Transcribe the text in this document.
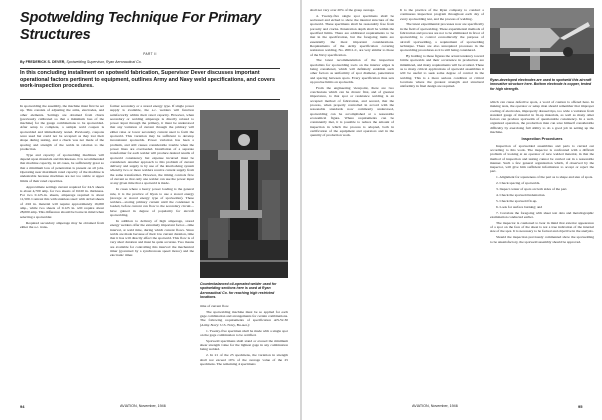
Spotwelding Technique For Primary Structures
PART II
By FREDERICK S. DEVER, Spotwelding Supervisor, Ryan Aeronautical Co.
In this concluding installment on spotweld fabrication, Supervisor Dever discusses important operational factors pertinent to equipment, outlines Army and Navy weld specifications, and covers work-inspection procedures.

In spotwelding the assembly, the machine must first be set up. This consists of adjusting the arms, electrodes, and other elements. Settings are obtained from charts (previously calibrated so that a minimum loss of the machine) for the gauge combinations to be spotwelded. After setup is complete, a sample weld coupon is spotwelded and immediately tested. Previously, coupons were used but could not be accepted as they lost their shape during testing, and a check was not made of the spacing and strength of the welds in relation to the production.

Type and capacity of spotwelding machines will depend upon materials and thicknesses. It is recommended that machine capacity, in all cases, be sufficiently great so that a minimum loss of penetration is present on all jobs. Operating near maximum rated capacity of the machine is undesirable because machines are not too stable at upper limits of their rated capacities.

Approximate settings current required for 24-S sheets is about 4,700 amp. for two sheets of 0.020 in. thickness. For two 0.125-in. sheets, amperage required is about 11,500. Contrast this with stainless steel: with alclad sheets of .016 in. material will require approximately 16,000 amp., while two sheets of 0.125 in. will require about 28,000 amp. This difference should be borne in mind when selecting a spotwelder.

Required secondary amperage may be obtained from either the a.c. trans-

former secondary or a stored energy type. If single power supply is available, the a.c. welders will function satisfactorily within their rated capacity. However, when secondary or welding amperage is directly related to power input through the primary, it must be understood that any variation of current through the primary will either raise or lower secondary current used to form the spotweld. This variation may be sufficient to develop inconsistent spotwelds. Power variation has been a problem, and still causes considerable trouble when the power lines are overloaded. Installation of a separate transformer for each welder will produce desired results of spotweld consistency but expense incurred must be considered. Another approach to this problem of current delivery and supply is by use of the interlocking system whereby two or more welders receive current supply from the same transformer. However, the timing controls flow of current so that only one welder can use the power input at any given time that a spotweld is made.

In cases where a heavy power loading is the general rule, it is the practice of Ryan to use a stored energy (storage or stored energy type of spotwelder). These welders—storing primary current until the condenser is loaded, before current can flow to the secondary circuit—have gained in degree of popularity for aircraft spotwelding.

In addition to delivery of high amperage, stored energy welders offer the extremely important factor—time interval, at weld time, during which current flows. Since welds are made because of their low current duration, time that it has will directly affect the spotweld. This flow is of very short duration and must be quite accurate. Two means are available for controlling this interval: the mechanical timer (governed by a synchronous speed motor) and the electronic timer.

Counterbalanced oil-operated welder used for spotwelding sections here is used at Ryan Aeronautical Co. for reaching high restricted locations.

time of current flow.

The spotwelding machine must be so applied for each gage combination and arrangements for certain combinations. The following requirements of specification AN-W-30 (Army-Navy: U.S. Navy, Bu.Aer.):

1. Twenty-five specimen shall be made with a single spot on the gage combination to be certified.

Spotweld specimens shall stand or exceed the minimum shear strength value for the lightest gage in any combination being welded.

2. In 21 of the 25 specimens, the variation in strength shall not exceed 10% of the average value of the 25 specimens. The remaining 4 specimens

94	AVIATION, November, 1946

shall not vary over 20% of the group average.

4. Twenty-five single spot specimens shall be sectioned and etched to show the internal structure of the spotweld. These specimens shall be reasonably free from porosity and cracks. Penetration depth shall be within the specified limits. There are additional requirements to be met in the specification, but the foregoing items are essentially the most important considerations. Requirements of the Army specification covering resistance welding, No. 20011-C, are very similar to those of the Navy specification.

The latest recommendation of the inspection specialists for spotwelding tools on the interior edges is being considered, which will definitely establish such other factors as uniformity of spot diameter, penetration and spacing between spots. Every specification thus sets up precise limits on spotwelds.

From the engineering viewpoint, there are two conclusions which can be drawn: first, and of greatest importance, is that spot or resistance welding is an accepted method of fabrication, and second, that the process, when properly controlled in accord with the reasonable standards now commonly understood, spotwelding can be accomplished at a reasonable economical figure. Where requirements can be consistently met, it is possible to reduce the amount of inspection in which the process is adopted, both in certification of the equipment and operators and in the quantity of production work.

It is the practice of the Ryan company to conduct a continuous inspection program throughout each day of every spotwelding test, and the process of welding.

The latest experimental processes now are specifically in the field of spotwelding. These experimental methods of fabrication and process are not to be eliminated in favor of spotwelding to control economically the purpose of aircraft spotwelding, a requirement of spotwelding technique. There are also unrequired processes in the spotwelding procedures as it is still being considered.

By holding to these figures the actual tendency toward brittle spotwelds and their occurrence in production are minimized, and many requirements will be avoided. These as to many critical applications of spotweld assemblies it will be useful to seek some degree of control in the welding. This is a more serious condition at critical locations where the greatest strength and structural uniformity in final design are required.

Ryan-developed electrodes are used to spotweld this aircraft innovative structure here. Bottom electrode is copper, tested for high strength.

which can cause defective spots, a word of caution is offered here. In making tests, the operator or setup man should remember that improper cooling of electrodes, improperly dressed tips, too wide a variation from standard gauge of material in fit-up materials, as well as many other factors can produce spotwelds of questionable consistency. In a well-organized operation, the production man can save himself considerable difficulty by exercising full ability to do a good job in setting up the machine.

Inspection Procedures

Inspection of spotwelded assemblies and parts is carried out according to this work. The inspector is confronted with a difficult problem of looking at an operator of new welded material, in that the method of inspection and testing cannot be carried out in a reasonable manner. Such a few general organization which, if observed by the inspector, will give him sufficient information to accept or reject the part.

1. Alignment for squareness of the part as to shape and size of spots.

2. Check spacing of spotwelds.

3. Inspect center of spots on both sides of the part.

4. Check the spotweld indentation.

5. Check the spotweld fit-up.

6. Look for surface burning; and

7. Correlate the foregoing with sheet test data and metallographic examination conducted earlier.

The inspector is cautioned to bear in mind that exterior appearance of a spot on the face of the sheet is not a true indication of the internal size of the spot. It is necessary to be factual and objective in the analysis.

Should the inspection previously commented show the spotwelding to be unsatisfactory, the spotweld assembly should be approved.

AVIATION, November, 1946	95
